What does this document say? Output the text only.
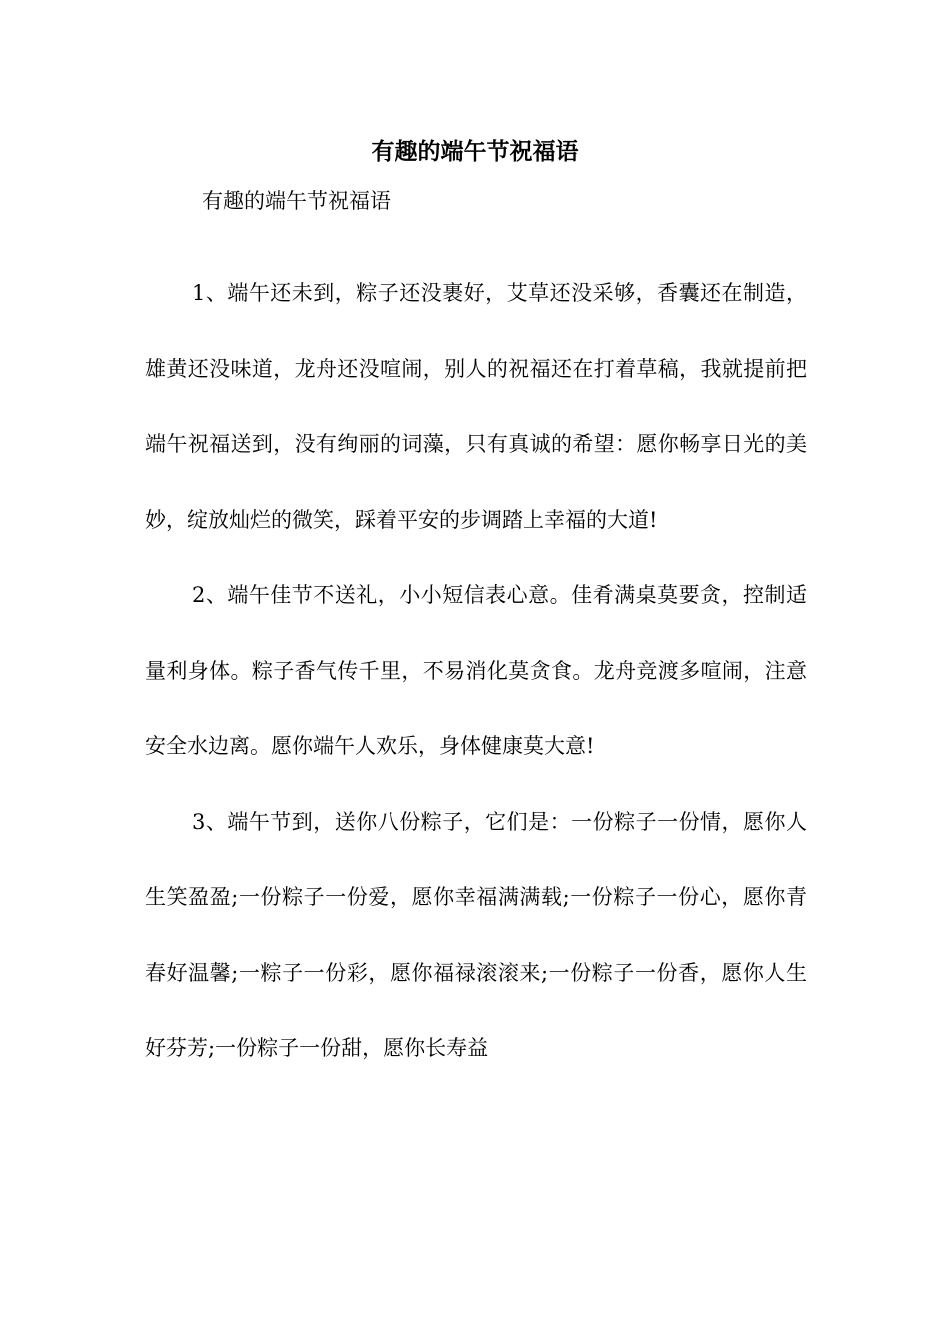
有趣的端午节祝福语
有趣的端午节祝福语

1、端午还未到，粽子还没裹好，艾草还没采够，香囊还在制造，雄黄还没味道，龙舟还没喧闹，别人的祝福还在打着草稿，我就提前把端午祝福送到，没有绚丽的词藻，只有真诚的希望：愿你畅享日光的美妙，绽放灿烂的微笑，踩着平安的步调踏上幸福的大道!

2、端午佳节不送礼，小小短信表心意。佳肴满桌莫要贪，控制适量利身体。粽子香气传千里，不易消化莫贪食。龙舟竞渡多喧闹，注意安全水边离。愿你端午人欢乐，身体健康莫大意!

3、端午节到，送你八份粽子，它们是：一份粽子一份情，愿你人生笑盈盈;一份粽子一份爱，愿你幸福满满载;一份粽子一份心，愿你青春好温馨;一粽子一份彩，愿你福禄滚滚来;一份粽子一份香，愿你人生好芬芳;一份粽子一份甜，愿你长寿益
